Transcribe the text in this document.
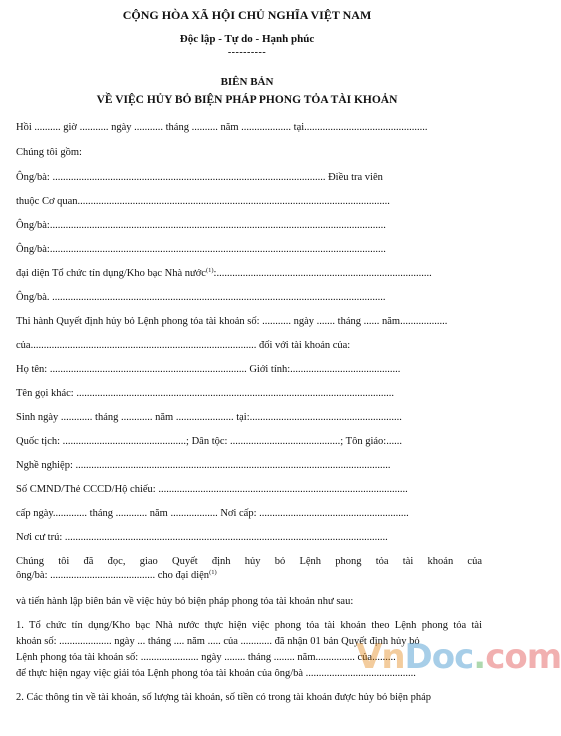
CỘNG HÒA XÃ HỘI CHỦ NGHĨA VIỆT NAM
Độc lập - Tự do - Hạnh phúc
----------
BIÊN BẢN
VỀ VIỆC HỦY BỎ BIỆN PHÁP PHONG TỎA TÀI KHOẢN
Hồi .......... giờ ........... ngày ........... tháng .......... năm ................... tại...............................................
Chúng tôi gồm:
Ông/bà: ........................................................................................................ Điều tra viên
thuộc Cơ quan.......................................................................................................................
Ông/bà:................................................................................................................................
Ông/bà:................................................................................................................................
đại diện Tổ chức tín dụng/Kho bạc Nhà nước$^{(1)}$:..................................................................................
Ông/bà. ...............................................................................................................................
Thi hành Quyết định hủy bỏ Lệnh phong tỏa tài khoản số: ........... ngày ....... tháng ...... năm..................
của...................................................................................... đối với tài khoản của:
Họ tên: ........................................................................... Giới tính:..........................................
Tên gọi khác: .........................................................................................................................
Sinh ngày ............ tháng ............ năm ...................... tại:..........................................................
Quốc tịch: ...............................................; Dân tộc: ..........................................; Tôn giáo:......
Nghề nghiệp: ........................................................................................................................
Số CMND/Thẻ CCCD/Hộ chiếu: ...............................................................................................
cấp ngày............. tháng ............ năm .................. Nơi cấp: .........................................................
Nơi cư trú: ...........................................................................................................................
Chúng tôi đã đọc, giao Quyết định hủy bỏ Lệnh phong tỏa tài khoản của
ông/bà: ........................................ cho đại diện$^{(1)}$
và tiến hành lập biên bản về việc hủy bỏ biện pháp phong tỏa tài khoản như sau:
1. Tổ chức tín dụng/Kho bạc Nhà nước thực hiện việc phong tỏa tài khoản theo Lệnh phong tỏa tài
khoản số: .................... ngày ... tháng .... năm ..... của ............ đã nhận 01 bản Quyết định hủy bỏ
Lệnh phong tỏa tài khoản số: ...................... ngày ........ tháng ........ năm............... của.........
để thực hiện ngay việc giải tỏa Lệnh phong tỏa tài khoản của ông/bà ..........................................
2. Các thông tin về tài khoản, số lượng tài khoản, số tiền có trong tài khoản được hủy bỏ biện pháp
VnDoc.com
